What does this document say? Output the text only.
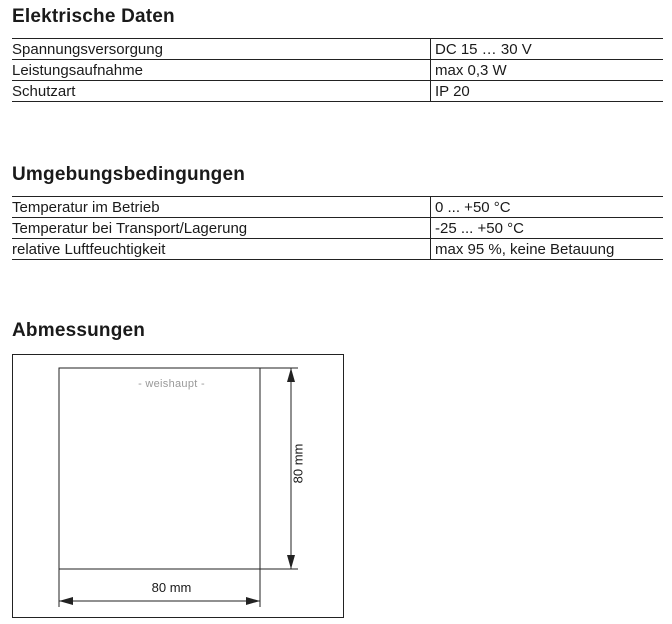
Elektrische Daten
Spannungsversorgung	DC 15 … 30 V
Leistungsaufnahme	max 0,3 W
Schutzart	IP 20
Umgebungsbedingungen
Temperatur im Betrieb	0 ... +50 °C
Temperatur bei Transport/Lagerung	-25 ... +50 °C
relative Luftfeuchtigkeit	max 95 %, keine Betauung
Abmessungen
- weishaupt -
80 mm
80 mm
